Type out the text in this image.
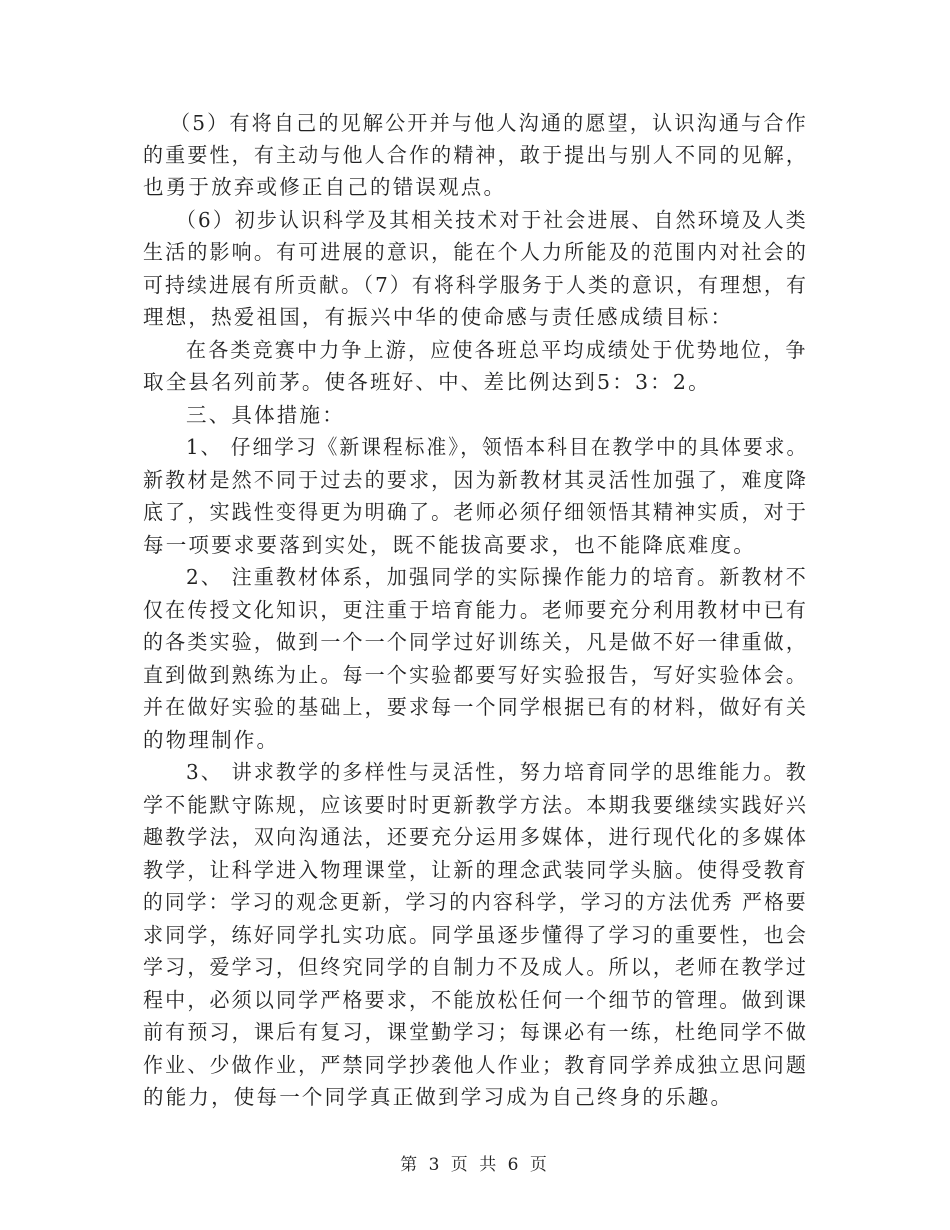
（5）有将自己的见解公开并与他人沟通的愿望，认识沟通与合作
的重要性，有主动与他人合作的精神，敢于提出与别人不同的见解，
也勇于放弃或修正自己的错误观点。
（6）初步认识科学及其相关技术对于社会进展、自然环境及人类
生活的影响。有可进展的意识，能在个人力所能及的范围内对社会的
可持续进展有所贡献。（7）有将科学服务于人类的意识，有理想，有
理想，热爱祖国，有振兴中华的使命感与责任感成绩目标：
在各类竞赛中力争上游，应使各班总平均成绩处于优势地位，争
取全县名列前茅。使各班好、中、差比例达到5：3：2。
三、具体措施：
1、 仔细学习《新课程标准》，领悟本科目在教学中的具体要求。
新教材是然不同于过去的要求，因为新教材其灵活性加强了，难度降
底了，实践性变得更为明确了。老师必须仔细领悟其精神实质，对于
每一项要求要落到实处，既不能拔高要求，也不能降底难度。
2、 注重教材体系，加强同学的实际操作能力的培育。新教材不
仅在传授文化知识，更注重于培育能力。老师要充分利用教材中已有
的各类实验，做到一个一个同学过好训练关，凡是做不好一律重做，
直到做到熟练为止。每一个实验都要写好实验报告，写好实验体会。
并在做好实验的基础上，要求每一个同学根据已有的材料，做好有关
的物理制作。
3、 讲求教学的多样性与灵活性，努力培育同学的思维能力。教
学不能默守陈规，应该要时时更新教学方法。本期我要继续实践好兴
趣教学法，双向沟通法，还要充分运用多媒体，进行现代化的多媒体
教学，让科学进入物理课堂，让新的理念武装同学头脑。使得受教育
的同学：学习的观念更新，学习的内容科学，学习的方法优秀 严格要
求同学，练好同学扎实功底。同学虽逐步懂得了学习的重要性，也会
学习，爱学习，但终究同学的自制力不及成人。所以，老师在教学过
程中，必须以同学严格要求，不能放松任何一个细节的管理。做到课
前有预习，课后有复习，课堂勤学习；每课必有一练，杜绝同学不做
作业、少做作业，严禁同学抄袭他人作业；教育同学养成独立思问题
的能力，使每一个同学真正做到学习成为自己终身的乐趣。
第 3 页 共 6 页
